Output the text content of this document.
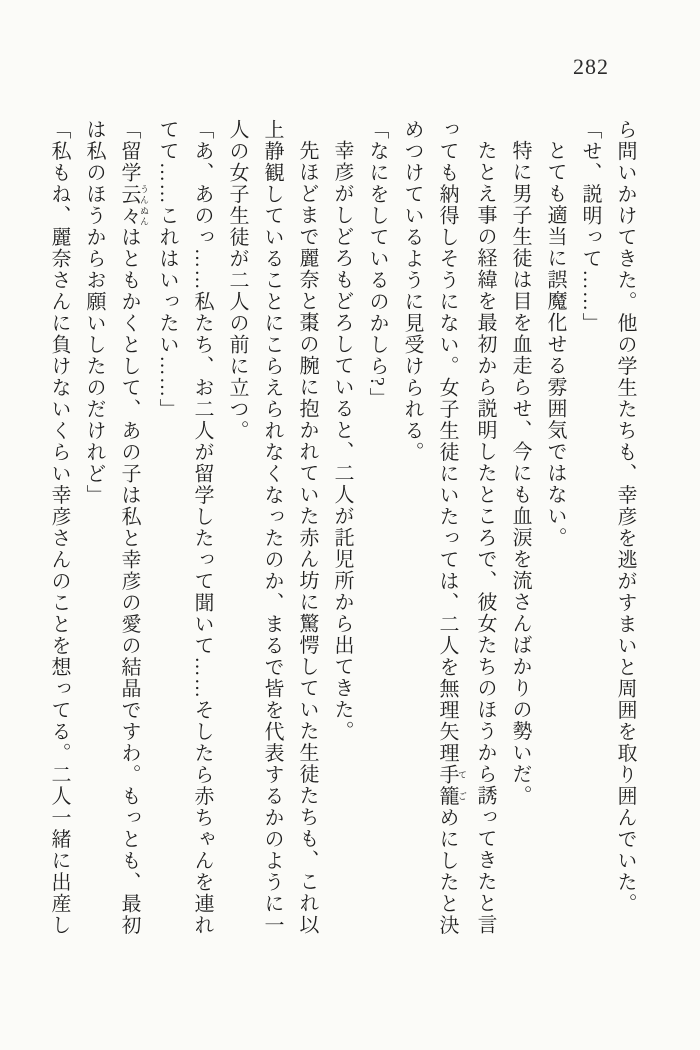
282
ら問いかけてきた。他の学生たちも、幸彦を逃がすまいと周囲を取り囲んでいた。
「せ、説明って……」
とても適当に誤魔化せる雰囲気ではない。
特に男子生徒は目を血走らせ、今にも血涙を流さんばかりの勢いだ。
たとえ事の経緯を最初から説明したところで、彼女たちのほうから誘ってきたと言
っても納得しそうにない。女子生徒にいたっては、二人を無理矢理手籠 てごめにしたと決
めつけているように見受けられる。
「なにをしているのかしら?」
幸彦がしどろもどろしていると、二人が託児所から出てきた。
先ほどまで麗奈と棗の腕に抱かれていた赤ん坊に驚愕していた生徒たちも、これ以
上静観していることにこらえられなくなったのか、まるで皆を代表するかのように一
人の女子生徒が二人の前に立つ。
「あ、あのっ……私たち、お二人が留学したって聞いて……そしたら赤ちゃんを連れ
てて……これはいったい……」
「留学云々 うんぬんはともかくとして、あの子は私と幸彦の愛の結晶ですわ。もっとも、最初
は私のほうからお願いしたのだけれど」
「私もね、麗奈さんに負けないくらい幸彦さんのことを想ってる。二人一緒に出産し
